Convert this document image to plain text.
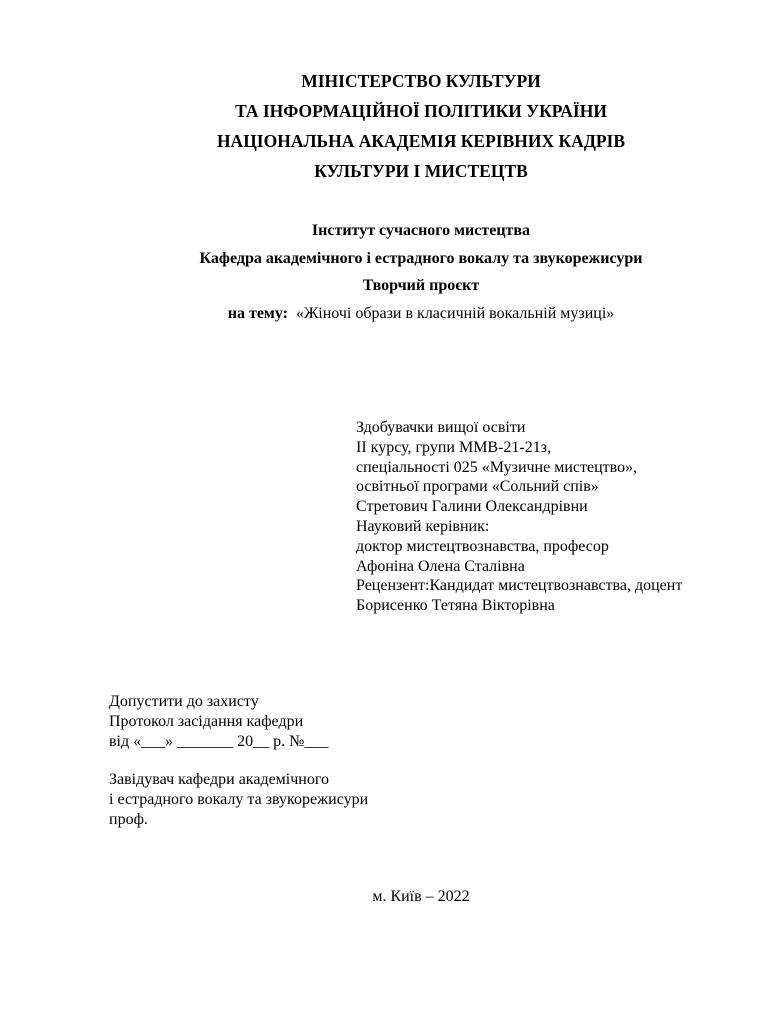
МІНІСТЕРСТВО КУЛЬТУРИ
ТА ІНФОРМАЦІЙНОЇ ПОЛІТИКИ УКРАЇНИ
НАЦІОНАЛЬНА АКАДЕМІЯ КЕРІВНИХ КАДРІВ
КУЛЬТУРИ І МИСТЕЦТВ
Інститут сучасного мистецтва
Кафедра академічного і естрадного вокалу та звукорежисури
Творчий проєкт
на тему: «Жіночі образи в класичній вокальній музиці»
Здобувачки вищої освіти
ІІ курсу, групи ММВ-21-21з,
спеціальності 025 «Музичне мистецтво»,
освітньої програми «Сольний спів»
Стретович Галини Олександрівни
Науковий керівник:
доктор мистецтвознавства, професор
Афоніна Олена Сталівна
Рецензент:Кандидат мистецтвознавства, доцент
Борисенко Тетяна Вікторівна
Допустити до захисту
Протокол засідання кафедри
від «___» _______ 20__ р. №___
Завідувач кафедри академічного
і естрадного вокалу та звукорежисури
проф.
м. Київ – 2022
